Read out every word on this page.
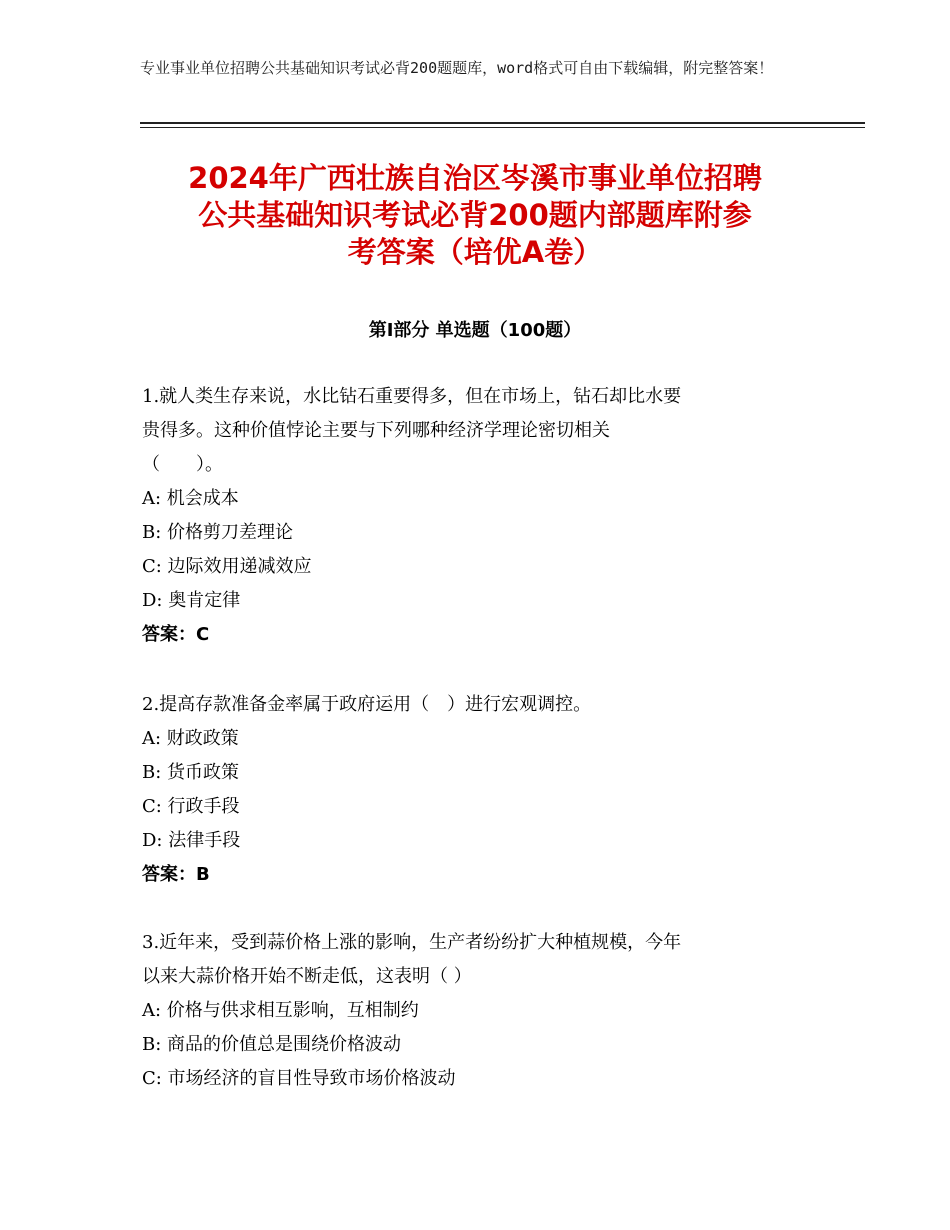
专业事业单位招聘公共基础知识考试必背200题题库，word格式可自由下载编辑，附完整答案！
2024年广西壮族自治区岑溪市事业单位招聘
公共基础知识考试必背200题内部题库附参
考答案（培优A卷）
第I部分 单选题（100题）

1.就人类生存来说，水比钻石重要得多，但在市场上，钻石却比水要

贵得多。这种价值悖论主要与下列哪种经济学理论密切相关

（　　）。

A: 机会成本

B: 价格剪刀差理论

C: 边际效用递减效应

D: 奥肯定律

答案：C

2.提高存款准备金率属于政府运用（　）进行宏观调控。

A: 财政政策

B: 货币政策

C: 行政手段

D: 法律手段

答案：B

3.近年来，受到蒜价格上涨的影响，生产者纷纷扩大种植规模，今年

以来大蒜价格开始不断走低，这表明（ ）

A: 价格与供求相互影响，互相制约

B: 商品的价值总是围绕价格波动

C: 市场经济的盲目性导致市场价格波动
